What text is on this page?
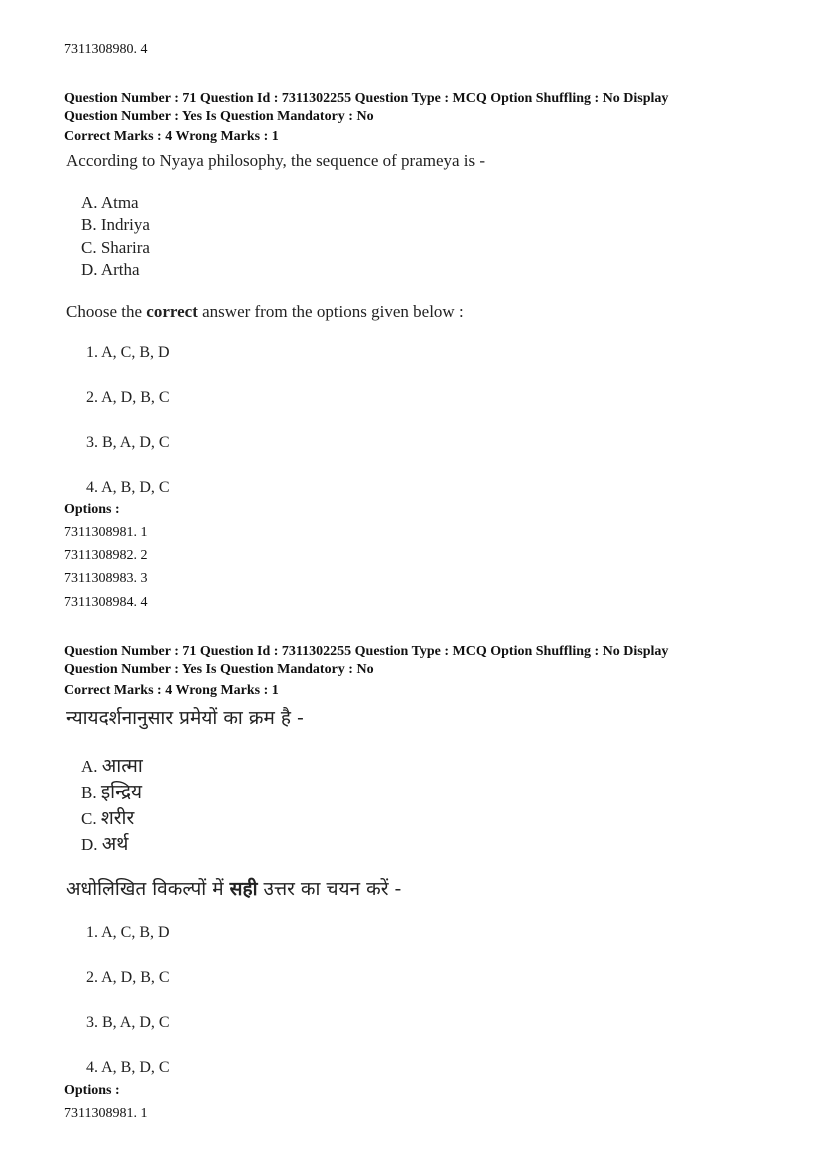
7311308980. 4
Question Number : 71 Question Id : 7311302255 Question Type : MCQ Option Shuffling : No Display
Question Number : Yes Is Question Mandatory : No
Correct Marks : 4 Wrong Marks : 1
According to Nyaya philosophy, the sequence of prameya is -
A. Atma
B. Indriya
C. Sharira
D. Artha
Choose the correct answer from the options given below :
1. A, C, B, D
2. A, D, B, C
3. B, A, D, C
4. A, B, D, C
Options :
7311308981. 1
7311308982. 2
7311308983. 3
7311308984. 4
Question Number : 71 Question Id : 7311302255 Question Type : MCQ Option Shuffling : No Display
Question Number : Yes Is Question Mandatory : No
Correct Marks : 4 Wrong Marks : 1
न्यायदर्शनानुसार प्रमेयों का क्रम है -
A. आत्मा
B. इन्द्रिय
C. शरीर
D. अर्थ
अधोलिखित विकल्पों में सही उत्तर का चयन करें -
1. A, C, B, D
2. A, D, B, C
3. B, A, D, C
4. A, B, D, C
Options :
7311308981. 1
